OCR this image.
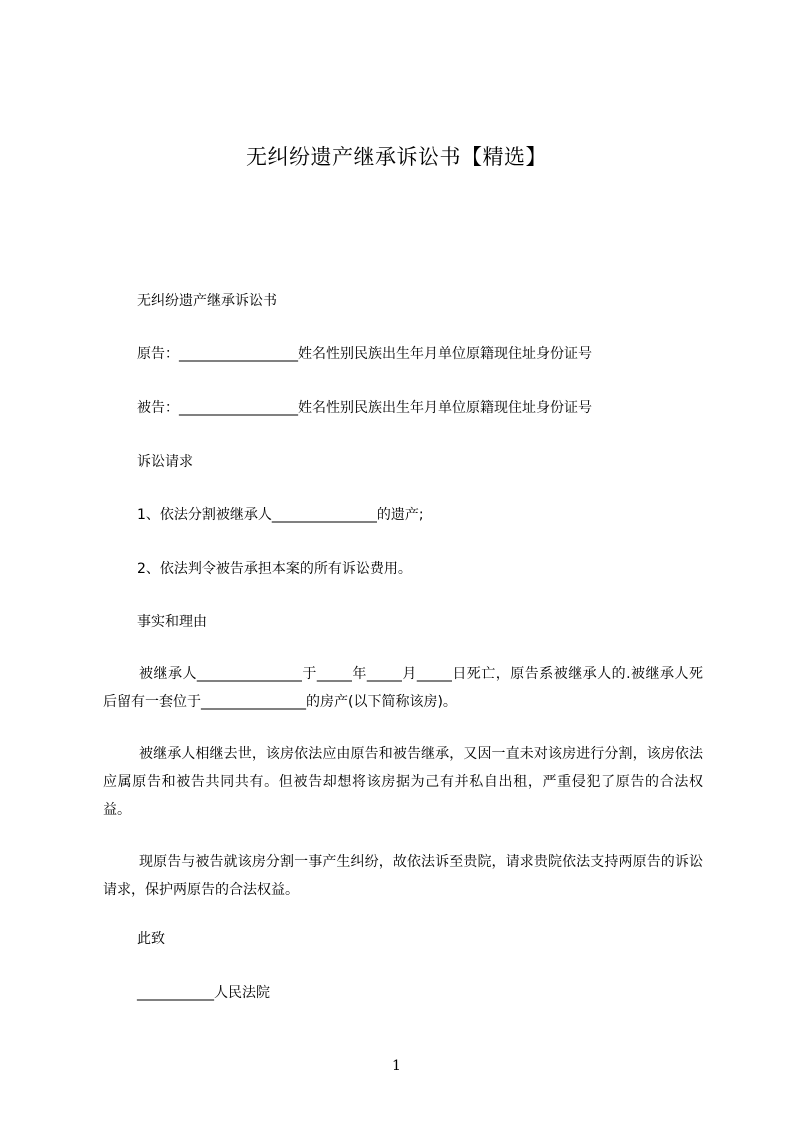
无纠纷遗产继承诉讼书【精选】
无纠纷遗产继承诉讼书
原告：_________________姓名性别民族出生年月单位原籍现住址身份证号
被告：_________________姓名性别民族出生年月单位原籍现住址身份证号
诉讼请求
1、依法分割被继承人_______________的遗产;
2、依法判令被告承担本案的所有诉讼费用。
事实和理由
被继承人_______________于_____年_____月_____日死亡，原告系被继承人的.被继承人死后留有一套位于_______________的房产(以下简称该房)。
被继承人相继去世，该房依法应由原告和被告继承，又因一直未对该房进行分割，该房依法应属原告和被告共同共有。但被告却想将该房据为己有并私自出租，严重侵犯了原告的合法权益。
现原告与被告就该房分割一事产生纠纷，故依法诉至贵院，请求贵院依法支持两原告的诉讼请求，保护两原告的合法权益。
此致
___________人民法院
1
